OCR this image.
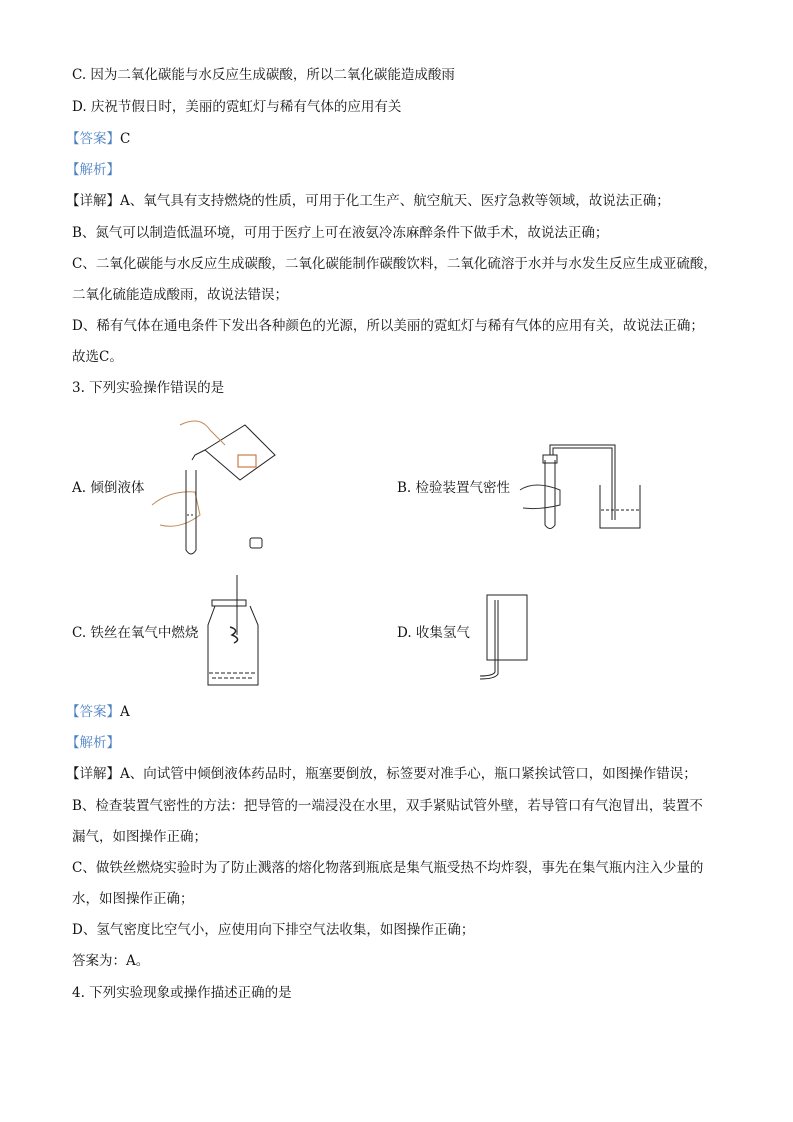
C. 因为二氧化碳能与水反应生成碳酸，所以二氧化碳能造成酸雨
D. 庆祝节假日时，美丽的霓虹灯与稀有气体的应用有关
【答案】C
【解析】
【详解】A、氧气具有支持燃烧的性质，可用于化工生产、航空航天、医疗急救等领域，故说法正确；
B、氮气可以制造低温环境，可用于医疗上可在液氨冷冻麻醉条件下做手术，故说法正确；
C、二氧化碳能与水反应生成碳酸，二氧化碳能制作碳酸饮料，二氧化硫溶于水并与水发生反应生成亚硫酸，
二氧化硫能造成酸雨，故说法错误；
D、稀有气体在通电条件下发出各种颜色的光源，所以美丽的霓虹灯与稀有气体的应用有关，故说法正确；
故选C。
3. 下列实验操作错误的是
A. 倾倒液体	B. 检验装置气密性
C. 铁丝在氧气中燃烧	D. 收集氢气
【答案】A
【解析】
【详解】A、向试管中倾倒液体药品时，瓶塞要倒放，标签要对准手心，瓶口紧挨试管口，如图操作错误；
B、检查装置气密性的方法：把导管的一端浸没在水里，双手紧贴试管外壁，若导管口有气泡冒出，装置不
漏气，如图操作正确；
C、做铁丝燃烧实验时为了防止溅落的熔化物落到瓶底是集气瓶受热不均炸裂，事先在集气瓶内注入少量的
水，如图操作正确；
D、氢气密度比空气小，应使用向下排空气法收集，如图操作正确；
答案为：A。
4. 下列实验现象或操作描述正确的是
